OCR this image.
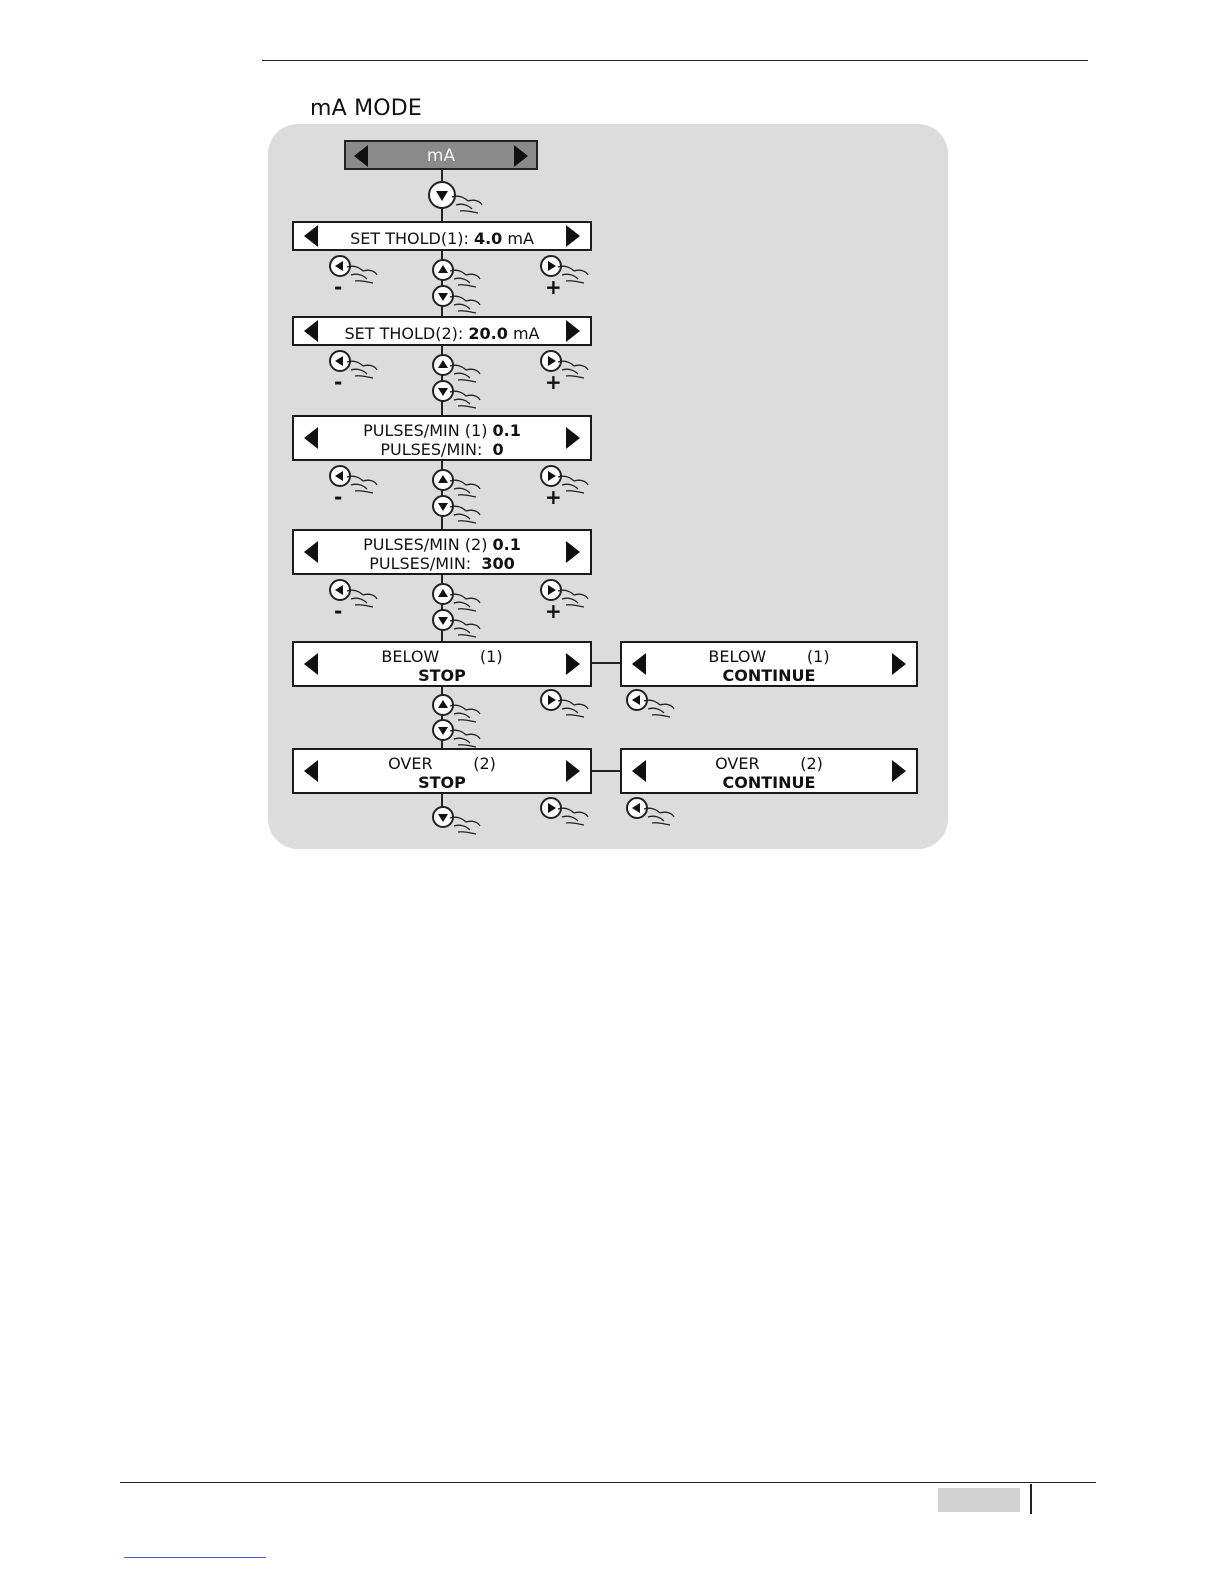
mA MODE
mA
SET THOLD(1): 4.0 mA
SET THOLD(2): 20.0 mA
PULSES/MIN (1) 0.1
PULSES/MIN:  0
PULSES/MIN (2) 0.1
PULSES/MIN:  300
BELOW        (1)
STOP
OVER        (2)
STOP
-	+
-	+
-	+
-	+
BELOW        (1)
CONTINUE
OVER        (2)
CONTINUE
